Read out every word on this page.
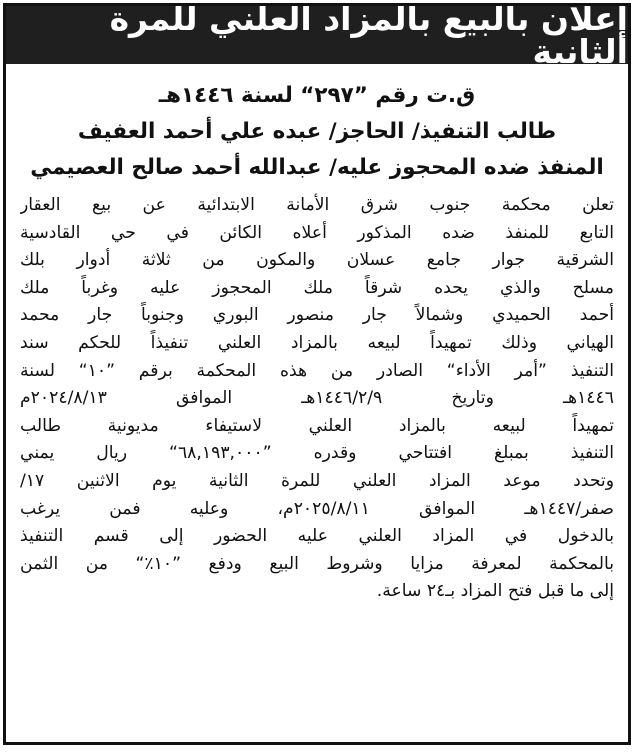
إعلان بالبيع بالمزاد العلني للمرة الثانية
ق.ت رقم ”٢٩٧“ لسنة ١٤٤٦هـ
طالب التنفيذ/ الحاجز/ عبده علي أحمد العفيف
المنفذ ضده المحجوز عليه/ عبدالله أحمد صالح العصيمي
تعلن محكمة جنوب شرق الأمانة الابتدائية عن بيع العقار
التابع للمنفذ ضده المذكور أعلاه الكائن في حي القادسية
الشرقية جوار جامع عسلان والمكون من ثلاثة أدوار بلك
مسلح والذي يحده شرقاً ملك المحجوز عليه وغرباً ملك
أحمد الحميدي وشمالاً جار منصور البوري وجنوباً جار محمد
الهياني وذلك تمهيداً لبيعه بالمزاد العلني تنفيذاً للحكم سند
التنفيذ ”أمر الأداء“ الصادر من هذه المحكمة برقم ”١٠“ لسنة
١٤٤٦هـ وتاريخ ١٤٤٦/٢/٩هـ الموافق ٢٠٢٤/٨/١٣م
تمهيداً لبيعه بالمزاد العلني لاستيفاء مديونية طالب
التنفيذ بمبلغ افتتاحي وقدره ”٦٨,١٩٣,٠٠٠“ ريال يمني
وتحدد موعد المزاد العلني للمرة الثانية يوم الاثنين ١٧/
صفر/١٤٤٧هـ الموافق ٢٠٢٥/٨/١١م، وعليه فمن يرغب
بالدخول في المزاد العلني عليه الحضور إلى قسم التنفيذ
بالمحكمة لمعرفة مزايا وشروط البيع ودفع ”١٠٪“ من الثمن
إلى ما قبل فتح المزاد بـ٢٤ ساعة.
